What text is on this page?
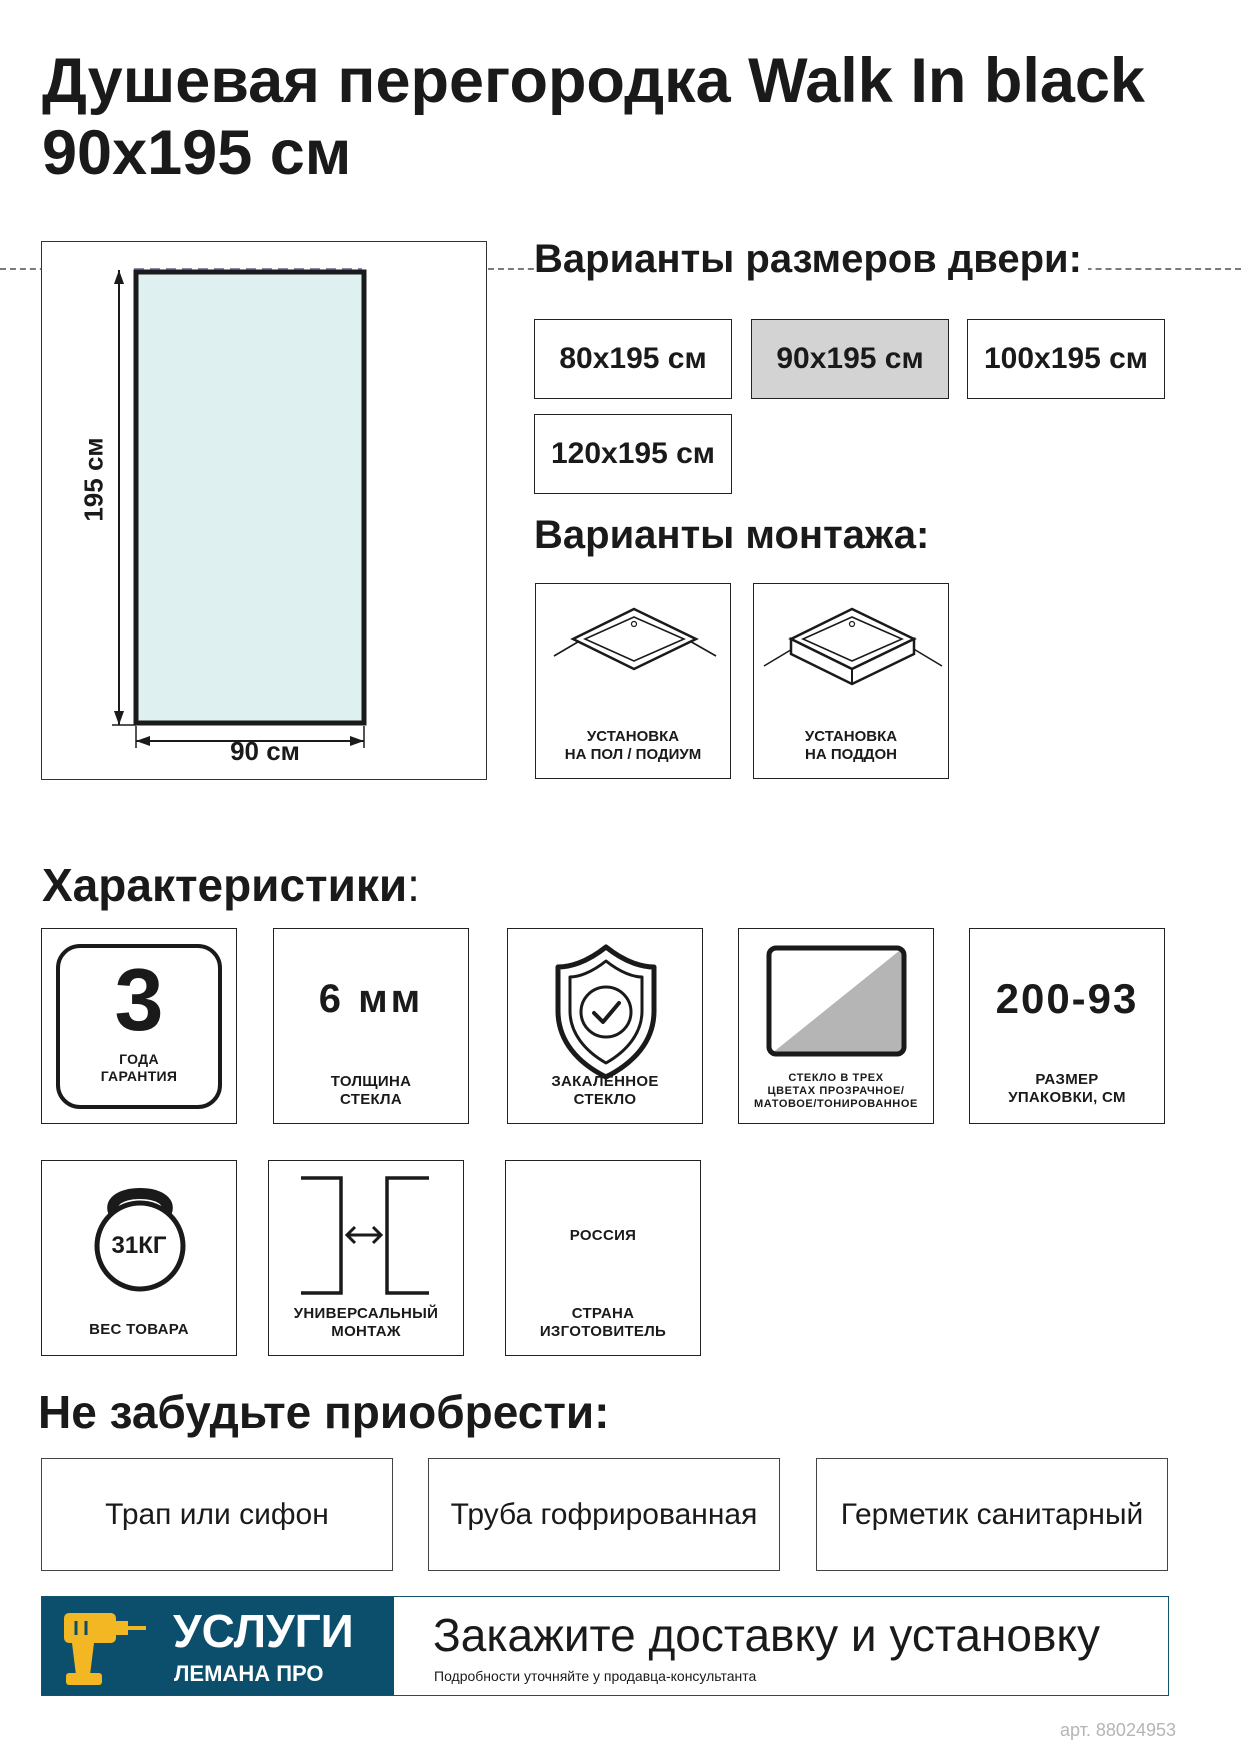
Душевая перегородка Walk In black
90x195 см
90 см
195 см
Варианты размеров двери:
80x195 см	90x195 см	100x195 см
120x195 см
Варианты монтажа:
УСТАНОВКА
НА ПОЛ / ПОДИУМ
УСТАНОВКА
НА ПОДДОН
Характеристики:
3
ГОДА
ГАРАНТИЯ
6 мм
ТОЛЩИНА
СТЕКЛА
ЗАКАЛЁННОЕ
СТЕКЛО
СТЕКЛО В ТРЕХ
ЦВЕТАХ ПРОЗРАЧНОЕ/
МАТОВОЕ/ТОНИРОВАННОЕ
200-93
РАЗМЕР
УПАКОВКИ, СМ
31КГ
ВЕС ТОВАРА
УНИВЕРСАЛЬНЫЙ
МОНТАЖ
РОССИЯ
СТРАНА
ИЗГОТОВИТЕЛЬ
Не забудьте приобрести:
Трап или сифон	Труба гофрированная	Герметик санитарный
УСЛУГИ
ЛЕМАНА ПРО
Закажите доставку и установку
Подробности уточняйте у продавца-консультанта
арт. 88024953
